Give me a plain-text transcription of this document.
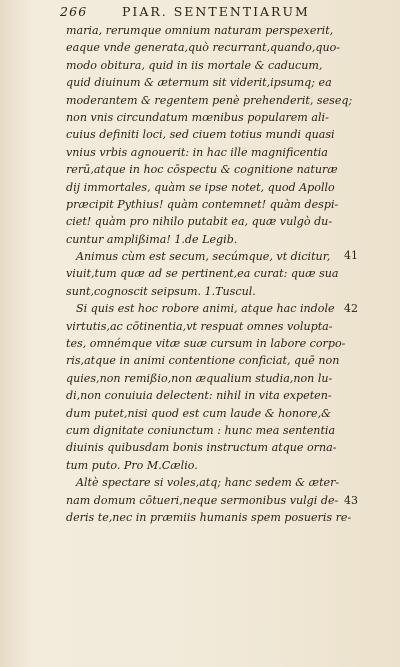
266	PIAR. SENTENTIARUM
maria, rerumque omnium naturam perspexerit,
eaque vnde generata,quò recurrant,quando,quo-
modo obitura, quid in iis mortale & caducum,
quid diuinum & æternum sit viderit,ipsumq; ea
moderantem & regentem penè prehenderit, seseq;
non vnis circundatum mœnibus popularem ali-
cuius definiti loci, sed ciuem totius mundi quasi
vnius vrbis agnouerit: in hac ille magnificentia
rerū,atque in hoc cōspectu & cognitione naturæ
dij immortales, quàm se ipse notet, quod Apollo
præcipit Pythius! quàm contemnet! quàm despi-
ciet! quàm pro nihilo putabit ea, quæ vulgò du-
cuntur amplißima! 1.de Legib.
Animus cùm est secum, secúmque, vt dicitur,
viuit,tum quæ ad se pertinent,ea curat: quæ sua
sunt,cognoscit seipsum. 1.Tuscul.
Si quis est hoc robore animi, atque hac indole
virtutis,ac cōtinentia,vt respuat omnes volupta-
tes, omnémque vitæ suæ cursum in labore corpo-
ris,atque in animi contentione conficiat, quē non
quies,non remißio,non æqualium studia,non lu-
di,non conuiuia delectent: nihil in vita expeten-
dum putet,nisi quod est cum laude & honore,&
cum dignitate coniunctum : hunc mea sententia
diuinis quibusdam bonis instructum atque orna-
tum puto. Pro M.Cælio.
Altè spectare si voles,atq; hanc sedem & æter-
nam domum cōtueri,neque sermonibus vulgi de-
deris te,nec in præmiis humanis spem posueris re-
41
42
43
